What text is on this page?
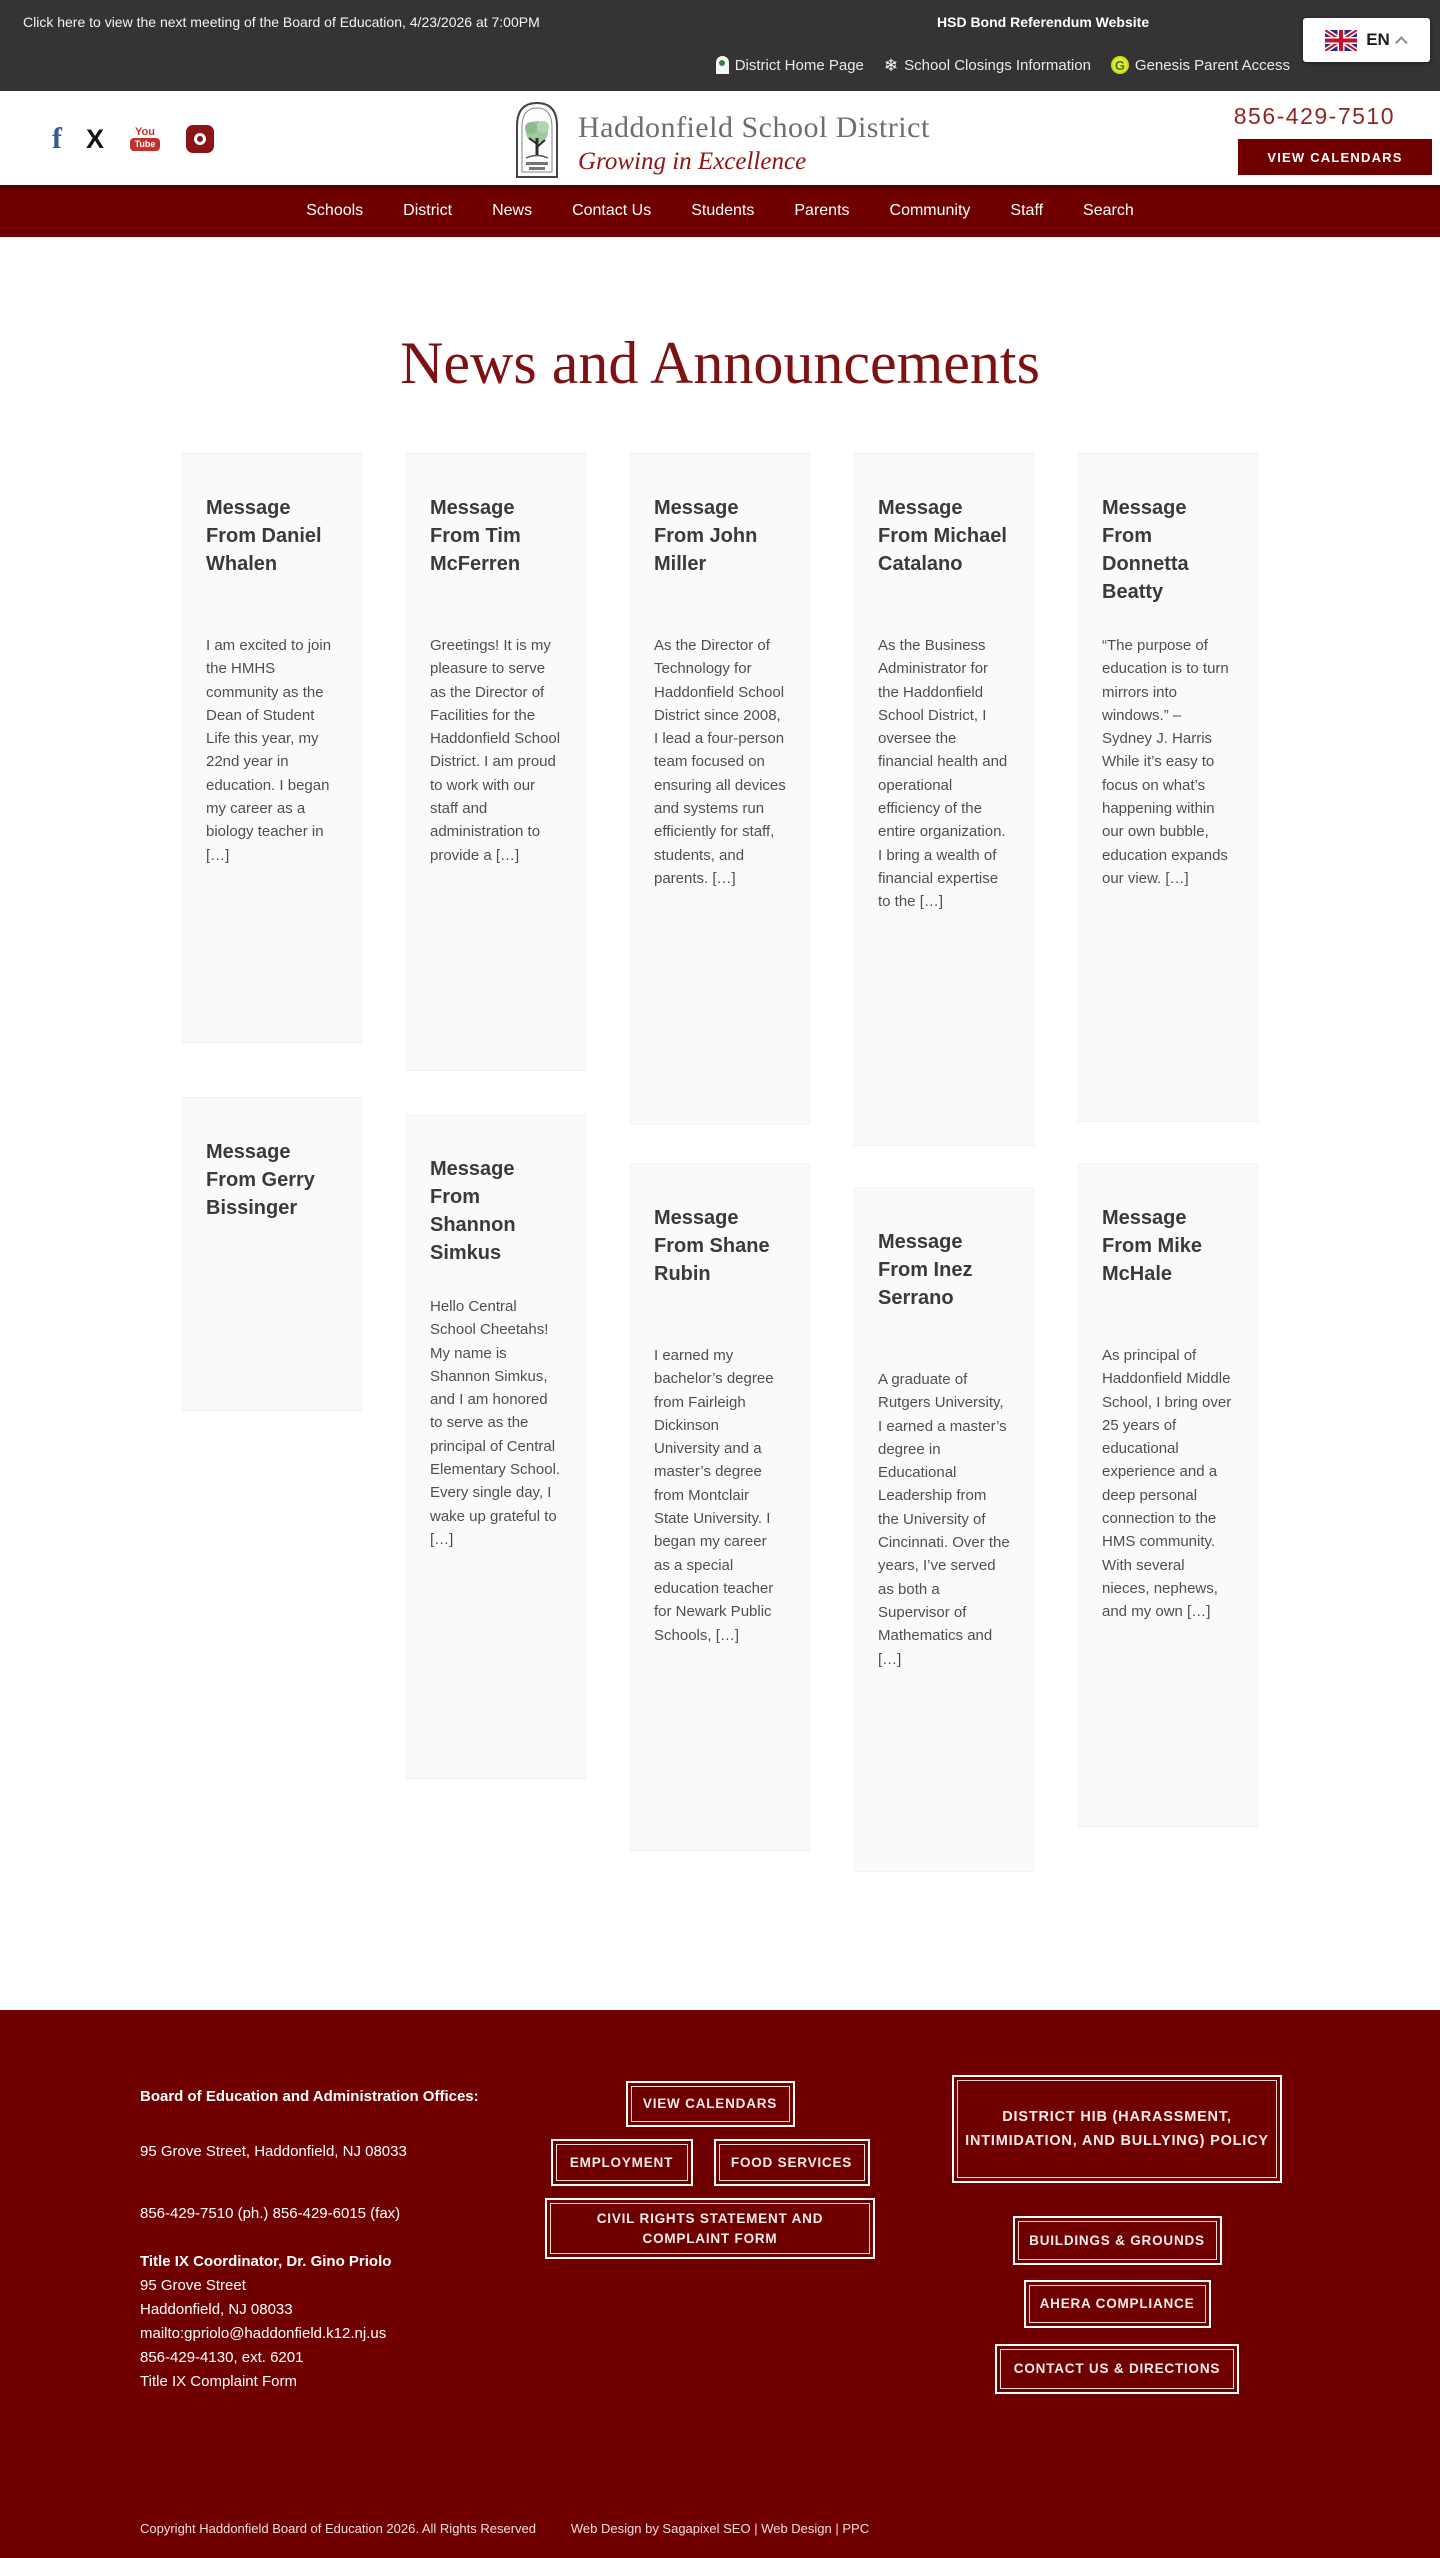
Click here to view the next meeting of the Board of Education, 4/23/2026 at 7:00PM	HSD Bond Referendum Website
District Home Page ❄ School Closings Information	G Genesis Parent Access
EN
f X	You
Tube	Haddonfield School District
Growing in Excellence
856-429-7510
VIEW CALENDARS
Schools	District	News	Contact Us	Students	Parents	Community	Staff	Search
News and Announcements
Message From Daniel Whalen
I am excited to join the HMHS community as the Dean of Student Life this year, my 22nd year in education. I began my career as a biology teacher in […]
Message From Gerry Bissinger
Message From Tim McFerren
Greetings! It is my pleasure to serve as the Director of Facilities for the Haddonfield School District. I am proud to work with our staff and administration to provide a […]
Message From Shannon Simkus
Hello Central School Cheetahs! My name is Shannon Simkus, and I am honored to serve as the principal of Central Elementary School. Every single day, I wake up grateful to […]
Message From John Miller
As the Director of Technology for Haddonfield School District since 2008, I lead a four-person team focused on ensuring all devices and systems run efficiently for staff, students, and parents. […]
Message From Shane Rubin
I earned my bachelor’s degree from Fairleigh Dickinson University and a master’s degree from Montclair State University. I began my career as a special education teacher for Newark Public Schools, […]
Message From Michael Catalano
As the Business Administrator for the Haddonfield School District, I oversee the financial health and operational efficiency of the entire organization. I bring a wealth of financial expertise to the […]
Message From Inez Serrano
A graduate of Rutgers University, I earned a master’s degree in Educational Leadership from the University of Cincinnati. Over the years, I’ve served as both a Supervisor of Mathematics and […]
Message From Donnetta Beatty
“The purpose of education is to turn mirrors into windows.” – Sydney J. Harris While it’s easy to focus on what’s happening within our own bubble, education expands our view. […]
Message From Mike McHale
As principal of Haddonfield Middle School, I bring over 25 years of educational experience and a deep personal connection to the HMS community. With several nieces, nephews, and my own […]

Board of Education and Administration Offices:

95 Grove Street, Haddonfield, NJ 08033

856-429-7510 (ph.) 856-429-6015 (fax)

Title IX Coordinator, Dr. Gino Priolo

95 Grove Street

Haddonfield, NJ 08033

mailto:gpriolo@haddonfield.k12.nj.us

856-429-4130, ext. 6201

Title IX Complaint Form

VIEW CALENDARS
EMPLOYMENT	FOOD SERVICES
CIVIL RIGHTS STATEMENT AND COMPLAINT FORM
DISTRICT HIB (HARASSMENT, INTIMIDATION, AND BULLYING) POLICY
BUILDINGS & GROUNDS
AHERA COMPLIANCE
CONTACT US & DIRECTIONS
Copyright Haddonfield Board of Education 2026. All Rights Reserved	Web Design by Sagapixel SEO | Web Design | PPC
